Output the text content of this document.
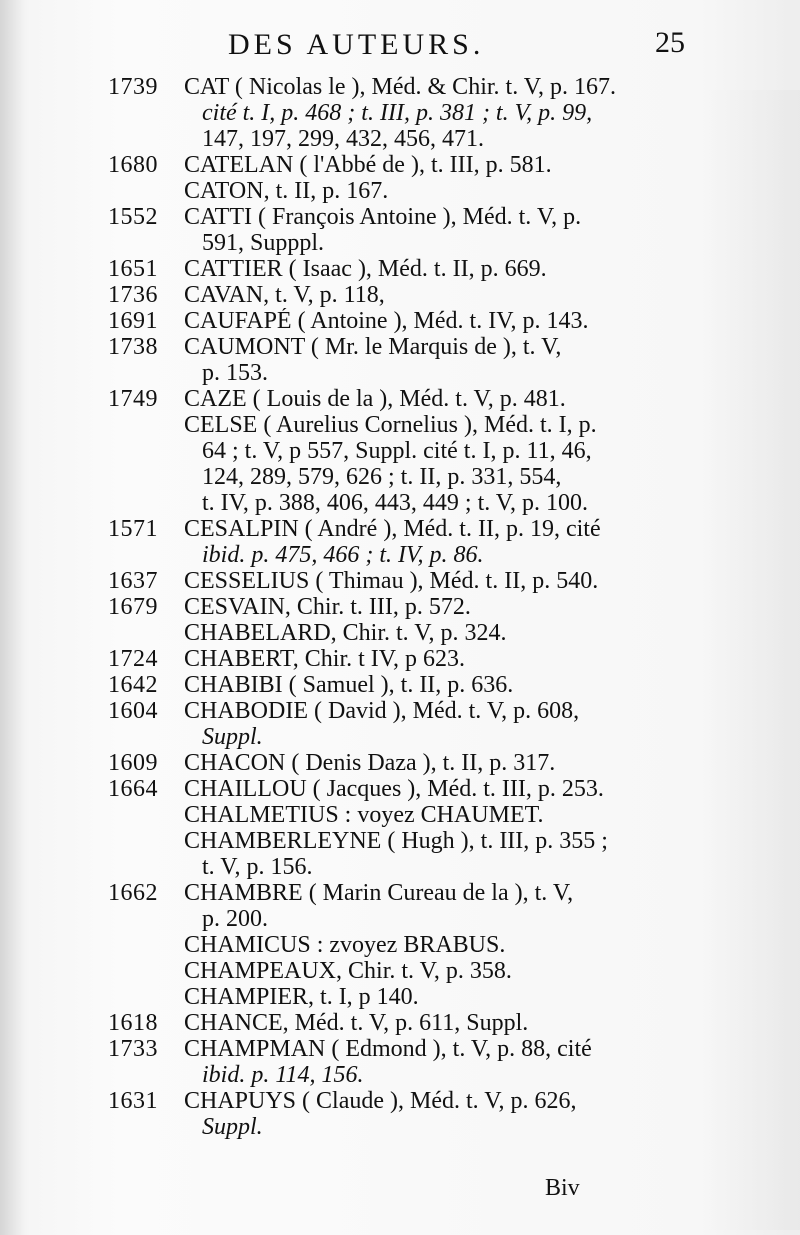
DES AUTEURS.	25
1739	CAT ( Nicolas le ), Méd. & Chir. t. V, p. 167.
cité t. I, p. 468 ; t. III, p. 381 ; t. V, p. 99,
147, 197, 299, 432, 456, 471.
1680	CATELAN ( l'Abbé de ), t. III, p. 581.
CATON, t. II, p. 167.
1552	CATTI ( François Antoine ), Méd. t. V, p.
591, Supppl.
1651	CATTIER ( Isaac ), Méd. t. II, p. 669.
1736	CAVAN, t. V, p. 118,
1691	CAUFAPÉ ( Antoine ), Méd. t. IV, p. 143.
1738	CAUMONT ( Mr. le Marquis de ), t. V,
p. 153.
1749	CAZE ( Louis de la ), Méd. t. V, p. 481.
CELSE ( Aurelius Cornelius ), Méd. t. I, p.
64 ; t. V, p 557, Suppl. cité t. I, p. 11, 46,
124, 289, 579, 626 ; t. II, p. 331, 554,
t. IV, p. 388, 406, 443, 449 ; t. V, p. 100.
1571	CESALPIN ( André ), Méd. t. II, p. 19, cité
ibid. p. 475, 466 ; t. IV, p. 86.
1637	CESSELIUS ( Thimau ), Méd. t. II, p. 540.
1679	CESVAIN, Chir. t. III, p. 572.
CHABELARD, Chir. t. V, p. 324.
1724	CHABERT, Chir. t IV, p 623.
1642	CHABIBI ( Samuel ), t. II, p. 636.
1604	CHABODIE ( David ), Méd. t. V, p. 608,
Suppl.
1609	CHACON ( Denis Daza ), t. II, p. 317.
1664	CHAILLOU ( Jacques ), Méd. t. III, p. 253.
CHALMETIUS : voyez CHAUMET.
CHAMBERLEYNE ( Hugh ), t. III, p. 355 ;
t. V, p. 156.
1662	CHAMBRE ( Marin Cureau de la ), t. V,
p. 200.
CHAMICUS : zvoyez BRABUS.
CHAMPEAUX, Chir. t. V, p. 358.
CHAMPIER, t. I, p 140.
1618	CHANCE, Méd. t. V, p. 611, Suppl.
1733	CHAMPMAN ( Edmond ), t. V, p. 88, cité
ibid. p. 114, 156.
1631	CHAPUYS ( Claude ), Méd. t. V, p. 626,
Suppl.
Biv
